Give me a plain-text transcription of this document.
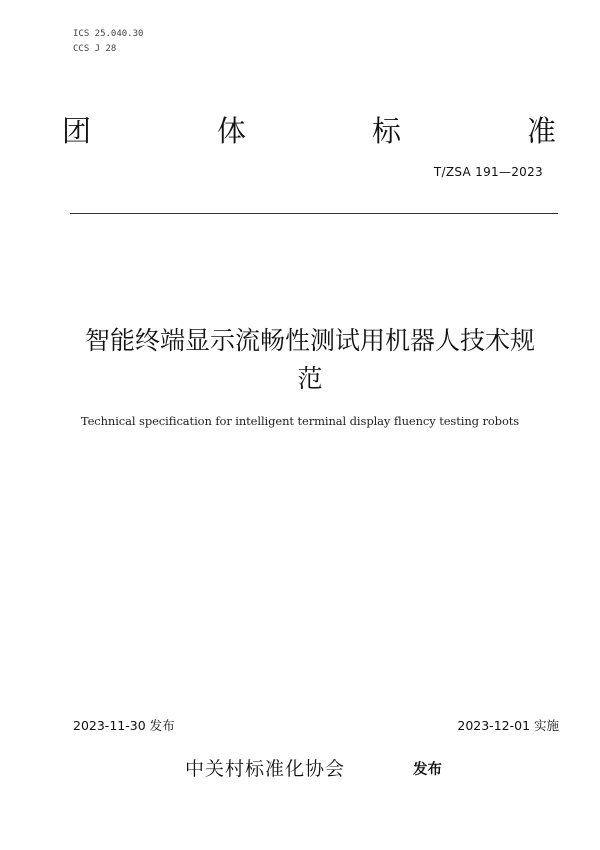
ICS 25.040.30
CCS J 28
团	体	标	准
T/ZSA 191—2023
智能终端显示流畅性测试用机器人技术规
范
Technical specification for intelligent terminal display fluency testing robots
2023-11-30 发布	2023-12-01 实施
中关村标准化协会	发布
